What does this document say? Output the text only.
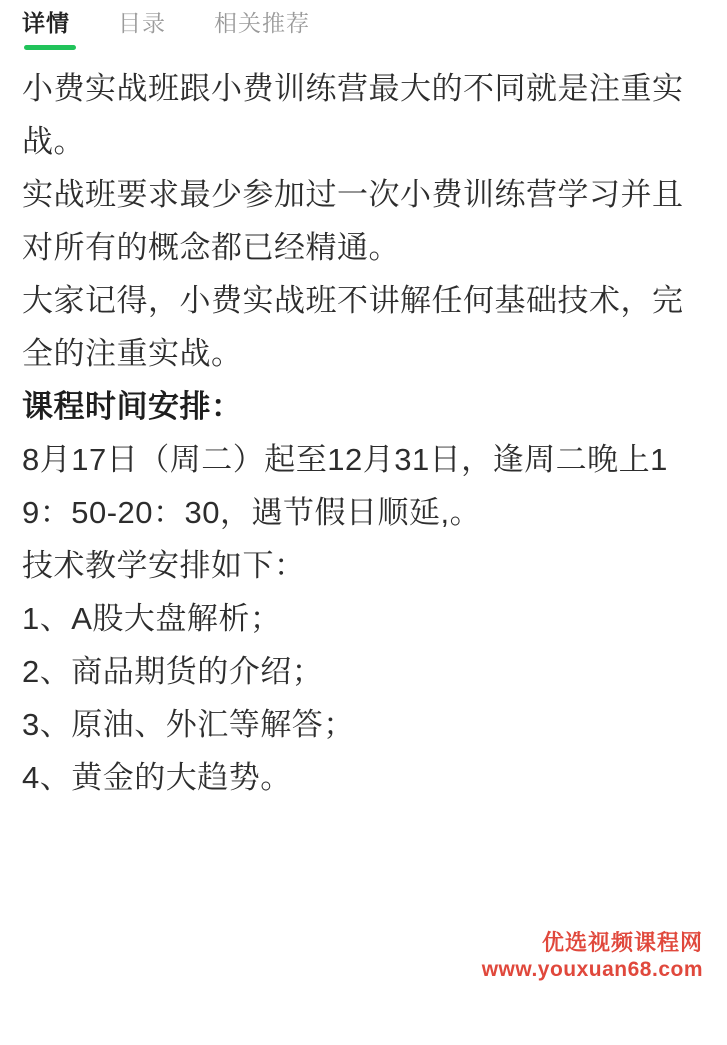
详情 目录 相关推荐

小费实战班跟小费训练营最大的不同就是注重实战。

实战班要求最少参加过一次小费训练营学习并且对所有的概念都已经精通。

大家记得，小费实战班不讲解任何基础技术，完全的注重实战。

课程时间安排：

8月17日（周二）起至12月31日，逢周二晚上19：50-20：30，遇节假日顺延,。

技术教学安排如下：

1、A股大盘解析；

2、商品期货的介绍；

3、原油、外汇等解答；

4、黄金的大趋势。

优选视频课程网
www.youxuan68.com
